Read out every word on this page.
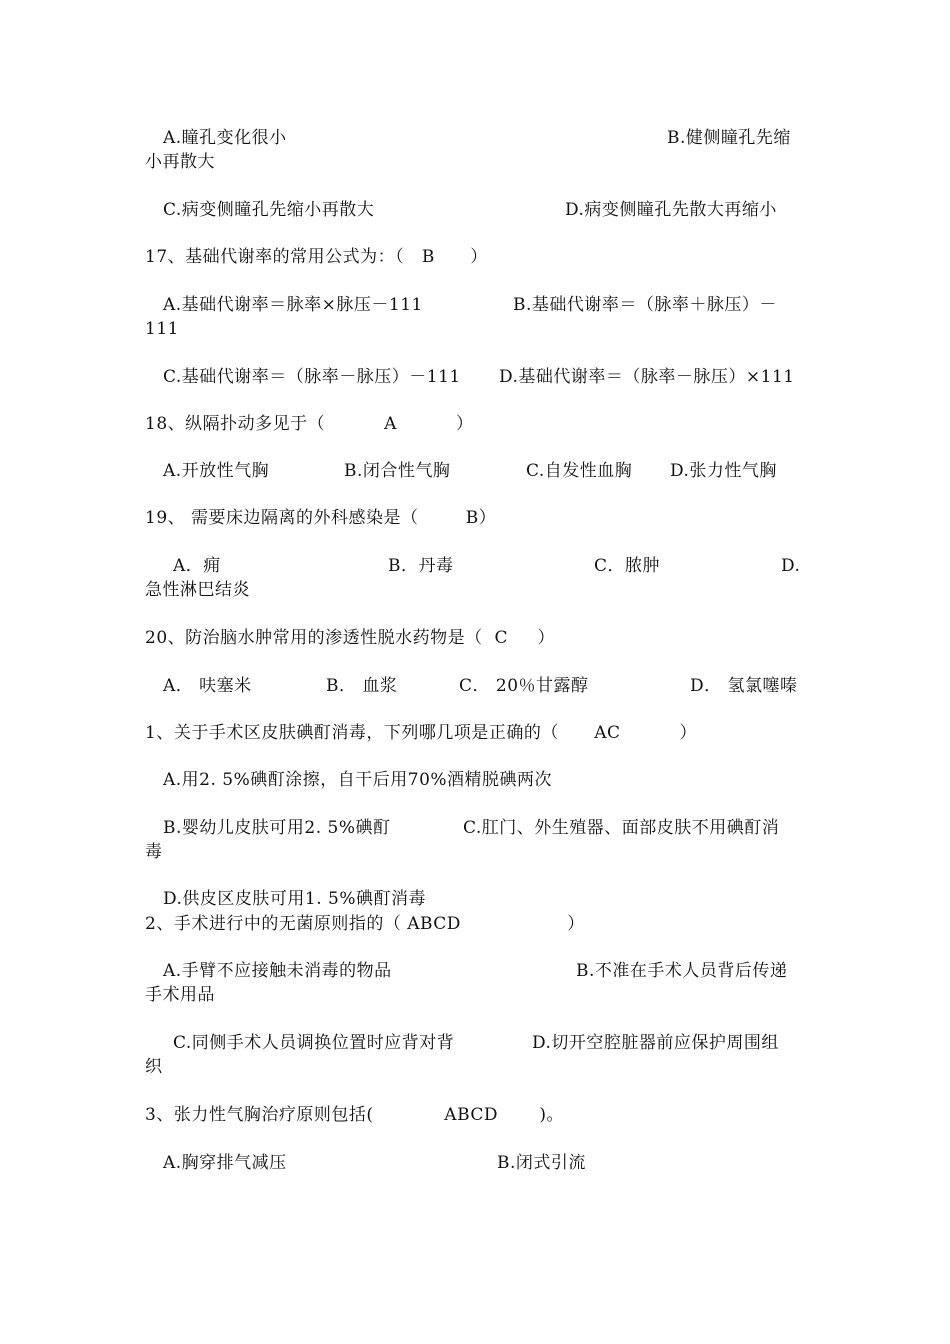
A.瞳孔变化很小	B.健侧瞳孔先缩
小再散大
C.病变侧瞳孔先缩小再散大	D.病变侧瞳孔先散大再缩小
17、基础代谢率的常用公式为：（   B      ）
A.基础代谢率＝脉率×脉压－111	B.基础代谢率＝（脉率＋脉压）－
111
C.基础代谢率＝（脉率－脉压）－111 D.基础代谢率＝（脉率－脉压）×111
18、纵隔扑动多见于（          A          ）
A.开放性气胸	B.闭合性气胸	C.自发性血胸 D.张力性气胸
19、 需要床边隔离的外科感染是（        B）
A．痈	B．丹毒	C．脓肿	D.
急性淋巴结炎
20、防治脑水肿常用的渗透性脱水药物是（  C     ）
A． 呋塞米	B． 血浆	C． 20％甘露醇	D． 氢氯噻嗪
1、关于手术区皮肤碘酊消毒，下列哪几项是正确的（      AC          ）
A.用2. 5%碘酊涂擦，自干后用70%酒精脱碘两次
B.婴幼儿皮肤可用2. 5%碘酊	C.肛门、外生殖器、面部皮肤不用碘酊消
毒
D.供皮区皮肤可用1. 5%碘酊消毒
2、手术进行中的无菌原则指的（ ABCD                  ）
A.手臂不应接触未消毒的物品	B.不准在手术人员背后传递
手术用品
C.同侧手术人员调换位置时应背对背	D.切开空腔脏器前应保护周围组
织
3、张力性气胸治疗原则包括(            ABCD       )。
A.胸穿排气减压	B.闭式引流
